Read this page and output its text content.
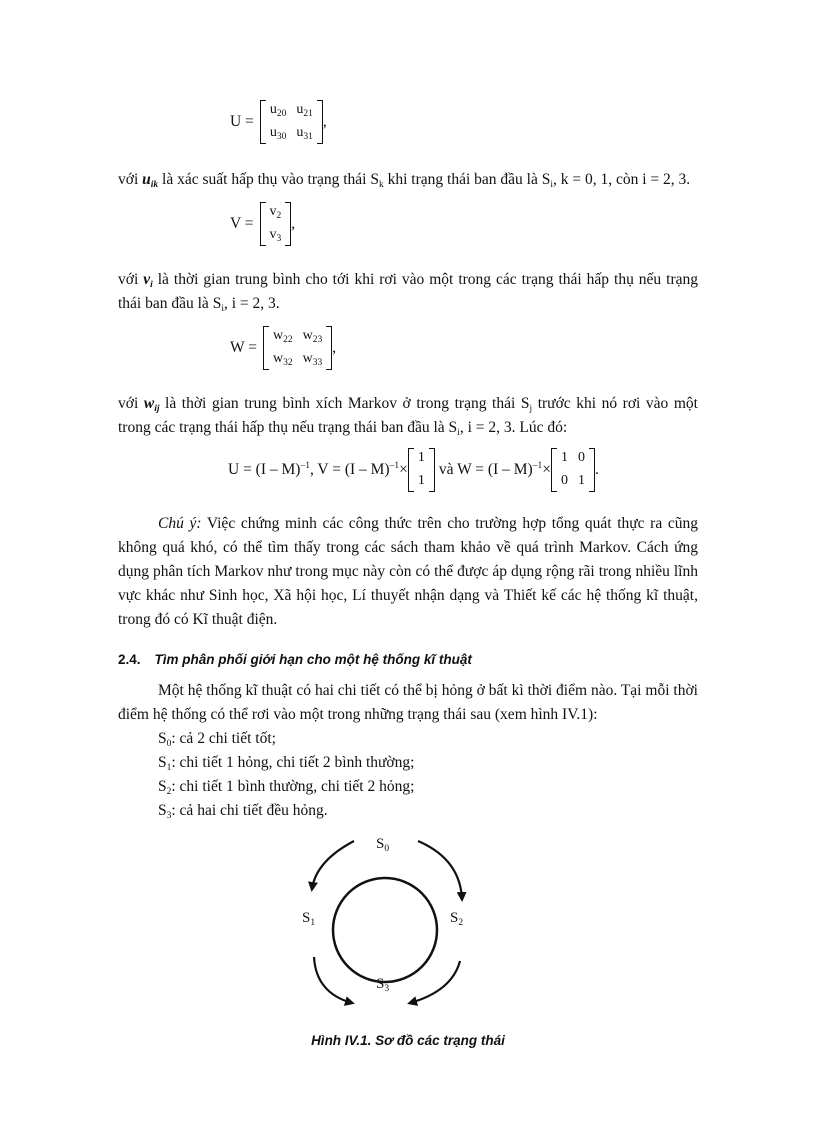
U =
$u_{20}$ $u_{21}$
$u_{30}$ $u_{31}$
,

với $u_{ik}$ là xác suất hấp thụ vào trạng thái $S_k$ khi trạng thái ban đầu là $S_i$, k = 0, 1, còn i = 2, 3.

V =
$v_2$
$v_3$
,

với $v_i$ là thời gian trung bình cho tới khi rơi vào một trong các trạng thái hấp thụ nếu trạng thái ban đầu là $S_i$, i = 2, 3.

W =
$w_{22}$ $w_{23}$
$w_{32}$ $w_{33}$
,

với $w_{ij}$ là thời gian trung bình xích Markov ở trong trạng thái $S_j$ trước khi nó rơi vào một trong các trạng thái hấp thụ nếu trạng thái ban đầu là $S_i$, i = 2, 3. Lúc đó:

U = (I – M)$^{-1}$ , V = (I – M)$^{-1}$ ×
1
1
và W = (I – M)$^{-1}$ ×
1 0
0 1
.

Chú ý: Việc chứng minh các công thức trên cho trường hợp tổng quát thực ra cũng không quá khó, có thể tìm thấy trong các sách tham khảo về quá trình Markov. Cách ứng dụng phân tích Markov như trong mục này còn có thể được áp dụng rộng rãi trong nhiều lĩnh vực khác như Sinh học, Xã hội học, Lí thuyết nhận dạng và Thiết kế các hệ thống kĩ thuật, trong đó có Kĩ thuật điện.

2.4. Tìm phân phối giới hạn cho một hệ thống kĩ thuật

Một hệ thống kĩ thuật có hai chi tiết có thể bị hỏng ở bất kì thời điểm nào. Tại mỗi thời điểm hệ thống có thể rơi vào một trong những trạng thái sau (xem hình IV.1):

$S_0$: cả 2 chi tiết tốt;
$S_1$: chi tiết 1 hỏng, chi tiết 2 bình thường;
$S_2$: chi tiết 1 bình thường, chi tiết 2 hỏng;
$S_3$: cả hai chi tiết đều hỏng.
$S_0$
$S_1$	$S_2$
$S_3$
Hình IV.1. Sơ đồ các trạng thái
